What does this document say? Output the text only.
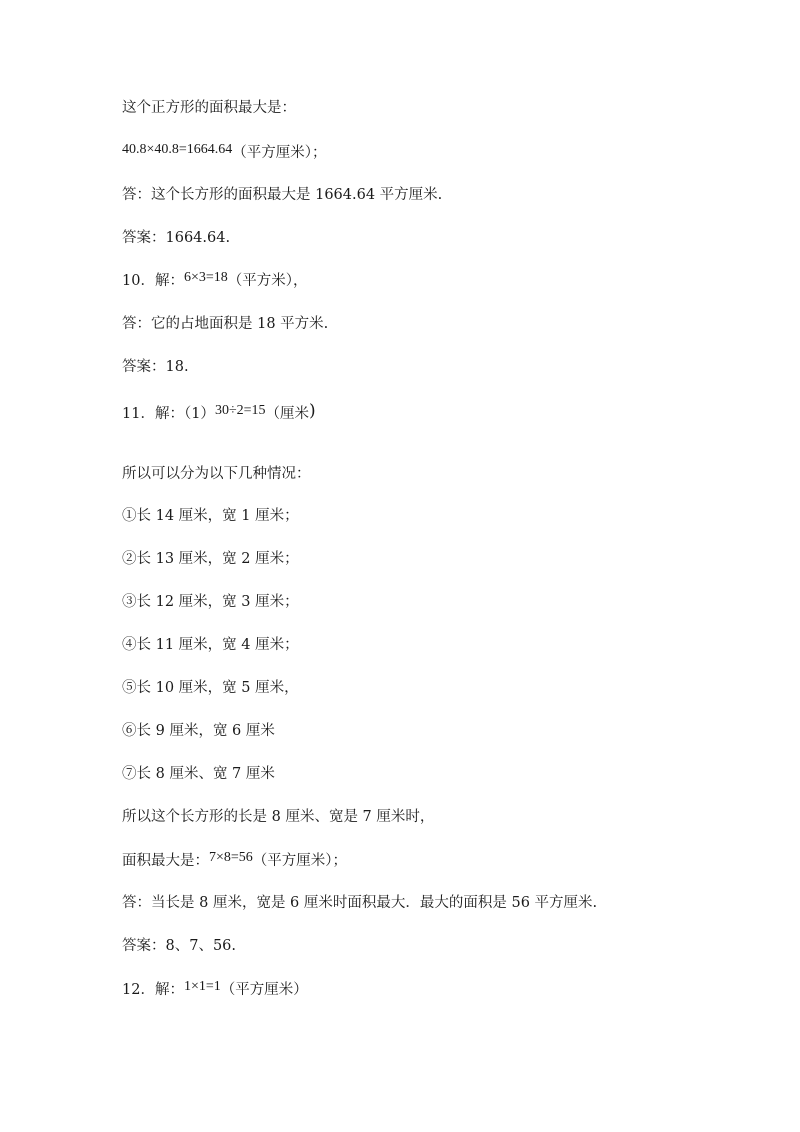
这个正方形的面积最大是：

40.8×40.8=1664.64（平方厘米）；

答：这个长方形的面积最大是 1664.64 平方厘米.

答案：1664.64.

10．解：6×3=18（平方米），

答：它的占地面积是 18 平方米.

答案：18.

11．解：（1）30÷2=15（厘米)

所以可以分为以下几种情况：

①长 14 厘米，宽 1 厘米；

②长 13 厘米，宽 2 厘米；

③长 12 厘米，宽 3 厘米；

④长 11 厘米，宽 4 厘米；

⑤长 10 厘米，宽 5 厘米，

⑥长 9 厘米，宽 6 厘米

⑦长 8 厘米、宽 7 厘米

所以这个长方形的长是 8 厘米、宽是 7 厘米时，

面积最大是：7×8=56（平方厘米）；

答：当长是 8 厘米，宽是 6 厘米时面积最大．最大的面积是 56 平方厘米.

答案：8、7、56.

12．解：1×1=1（平方厘米）
